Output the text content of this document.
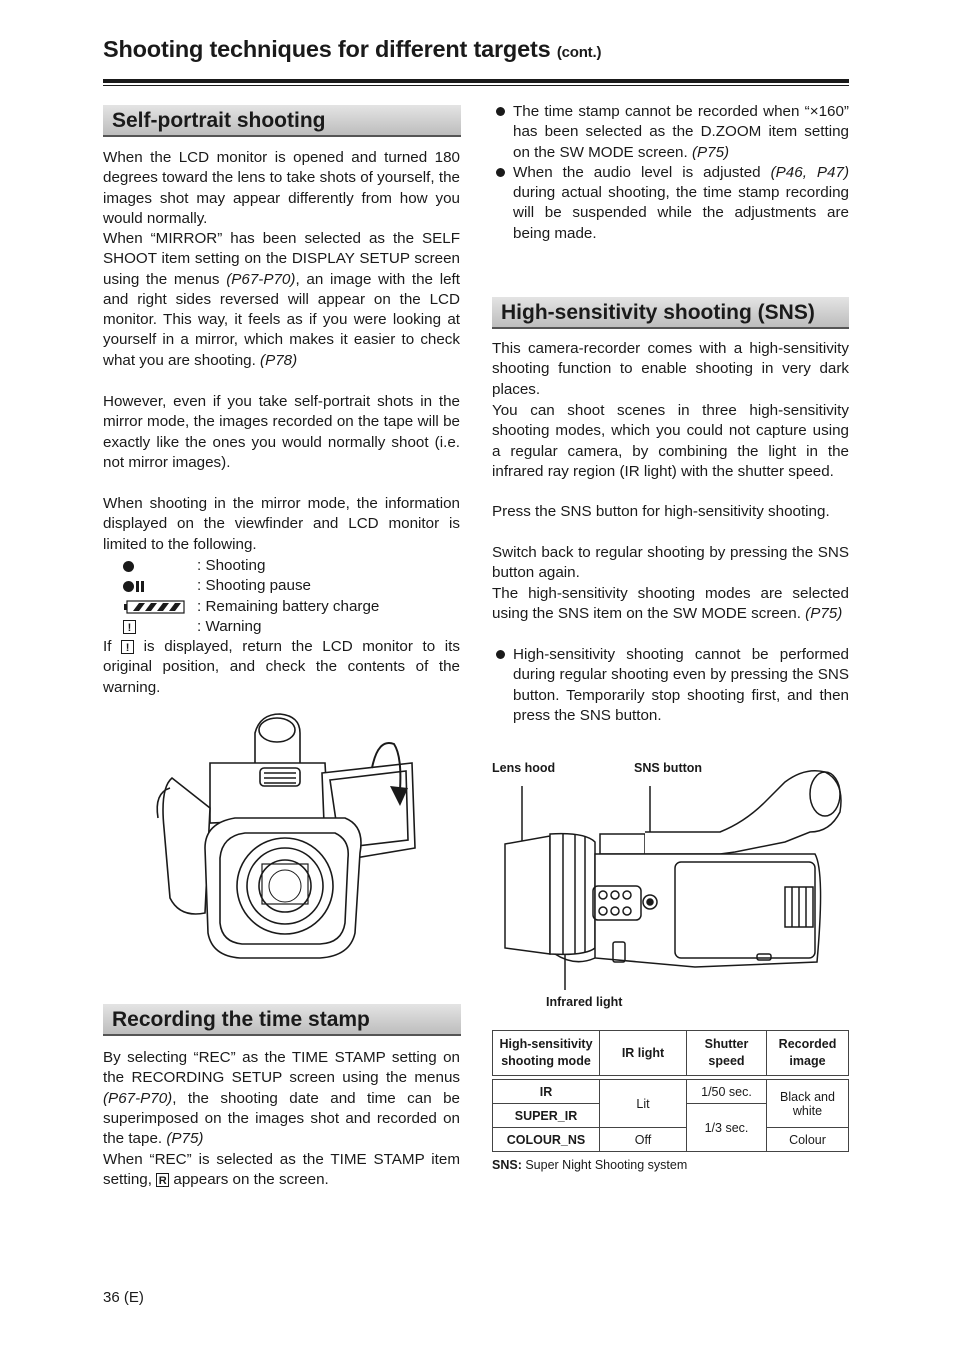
Shooting techniques for different targets (cont.)
Self-portrait shooting

When the LCD monitor is opened and turned 180 degrees toward the lens to take shots of yourself, the images shot may appear differently from how you would normally.

When “MIRROR” has been selected as the SELF SHOOT item setting on the DISPLAY SETUP screen using the menus (P67-P70), an image with the left and right sides reversed will appear on the LCD monitor. This way, it feels as if you were looking at yourself in a mirror, which makes it easier to check what you are shooting. (P78)

However, even if you take self-portrait shots in the mirror mode, the images recorded on the tape will be exactly like the ones you would normally shoot (i.e. not mirror images).

When shooting in the mirror mode, the information displayed on the viewfinder and LCD monitor is limited to the following.

: Shooting
: Shooting pause
: Remaining battery charge
!	: Warning

If ! is displayed, return the LCD monitor to its original position, and check the contents of the warning.

Recording the time stamp

By selecting “REC” as the TIME STAMP setting on the RECORDING SETUP screen using the menus (P67-P70), the shooting date and time can be superimposed on the images shot and recorded on the tape. (P75)

When “REC” is selected as the TIME STAMP item setting, R appears on the screen.

The time stamp cannot be recorded when “×160” has been selected as the D.ZOOM item setting on the SW MODE screen. (P75)
When the audio level is adjusted (P46, P47) during actual shooting, the time stamp recording will be suspended while the adjustments are being made.
High-sensitivity shooting (SNS)

This camera-recorder comes with a high-sensitivity shooting function to enable shooting in very dark places.

You can shoot scenes in three high-sensitivity shooting modes, which you could not capture using a regular camera, by combining the light in the infrared ray region (IR light) with the shutter speed.

Press the SNS button for high-sensitivity shooting.

Switch back to regular shooting by pressing the SNS button again.

The high-sensitivity shooting modes are selected using the SNS item on the SW MODE screen. (P75)

High-sensitivity shooting cannot be performed during regular shooting even by pressing the SNS button. Temporarily stop shooting first, and then press the SNS button.
Lens hood	SNS button
Infrared light
High-sensitivity shooting mode	IR light	Shutter speed	Recorded image

IR	Lit	1/50 sec.	Black and white
SUPER_IR		1/3 sec.	
COLOUR_NS	Off		Colour
SNS: Super Night Shooting system
36 (E)
